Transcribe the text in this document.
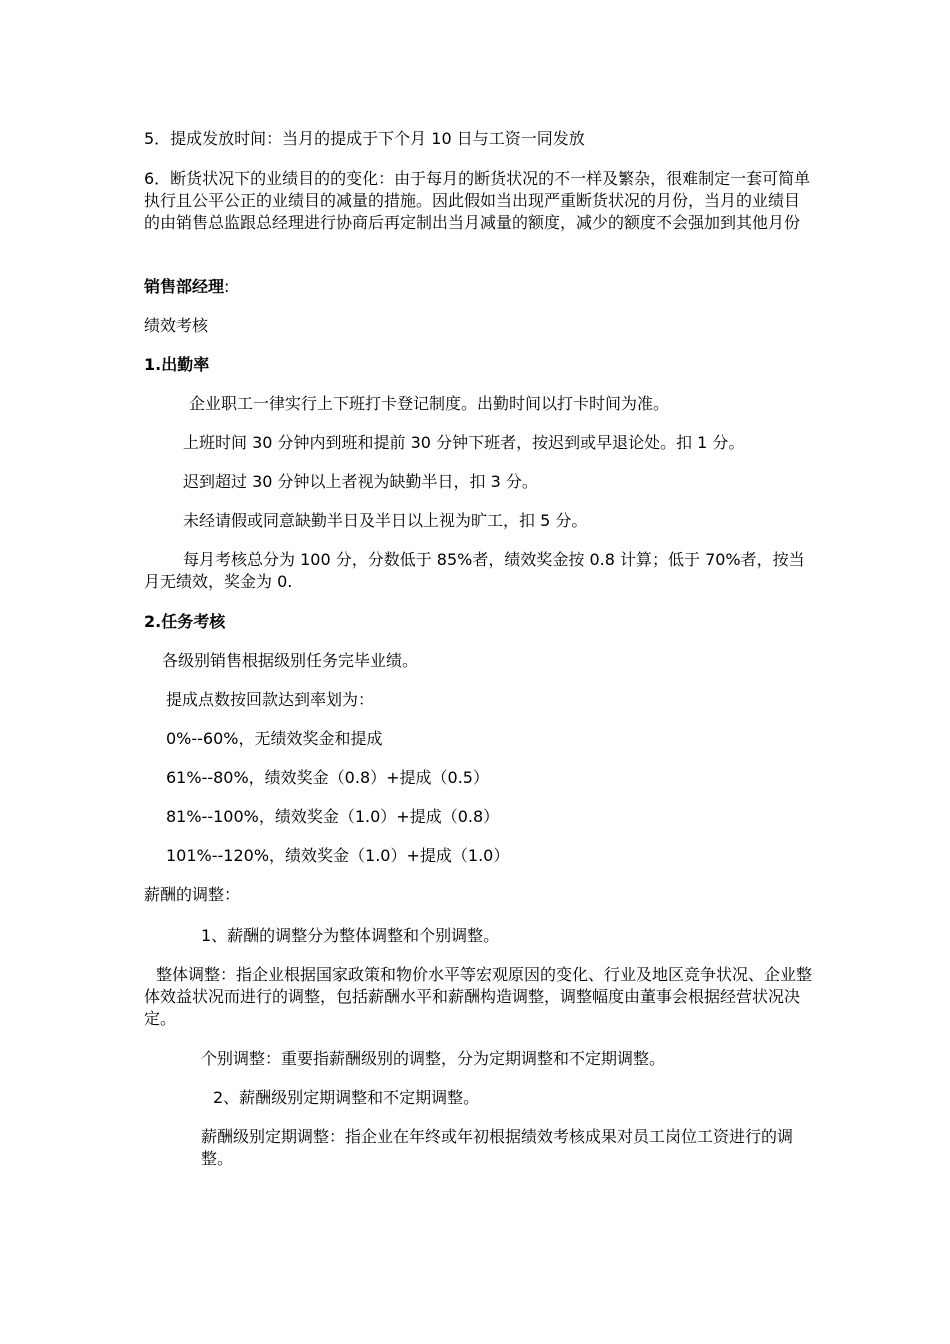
5．提成发放时间：当月的提成于下个月 10 日与工资一同发放

6．断货状况下的业绩目的的变化：由于每月的断货状况的不一样及繁杂，很难制定一套可简单执行且公平公正的业绩目的减量的措施。因此假如当出现严重断货状况的月份，当月的业绩目的由销售总监跟总经理进行协商后再定制出当月减量的额度，减少的额度不会强加到其他月份

销售部经理:

绩效考核

1.出勤率

企业职工一律实行上下班打卡登记制度。出勤时间以打卡时间为准。

上班时间 30 分钟内到班和提前 30 分钟下班者，按迟到或早退论处。扣 1 分。

迟到超过 30 分钟以上者视为缺勤半日，扣 3 分。

未经请假或同意缺勤半日及半日以上视为旷工，扣 5 分。

每月考核总分为 100 分，分数低于 85%者，绩效奖金按 0.8 计算；低于 70%者，按当月无绩效，奖金为 0.

2.任务考核

各级别销售根据级别任务完毕业绩。

提成点数按回款达到率划为：

0%--60%，无绩效奖金和提成

61%--80%，绩效奖金（0.8）+提成（0.5）

81%--100%，绩效奖金（1.0）+提成（0.8）

101%--120%，绩效奖金（1.0）+提成（1.0）

薪酬的调整：

1、薪酬的调整分为整体调整和个别调整。

整体调整：指企业根据国家政策和物价水平等宏观原因的变化、行业及地区竞争状况、企业整体效益状况而进行的调整，包括薪酬水平和薪酬构造调整，调整幅度由董事会根据经营状况决定。

个别调整：重要指薪酬级别的调整，分为定期调整和不定期调整。

2、薪酬级别定期调整和不定期调整。

薪酬级别定期调整：指企业在年终或年初根据绩效考核成果对员工岗位工资进行的调整。
